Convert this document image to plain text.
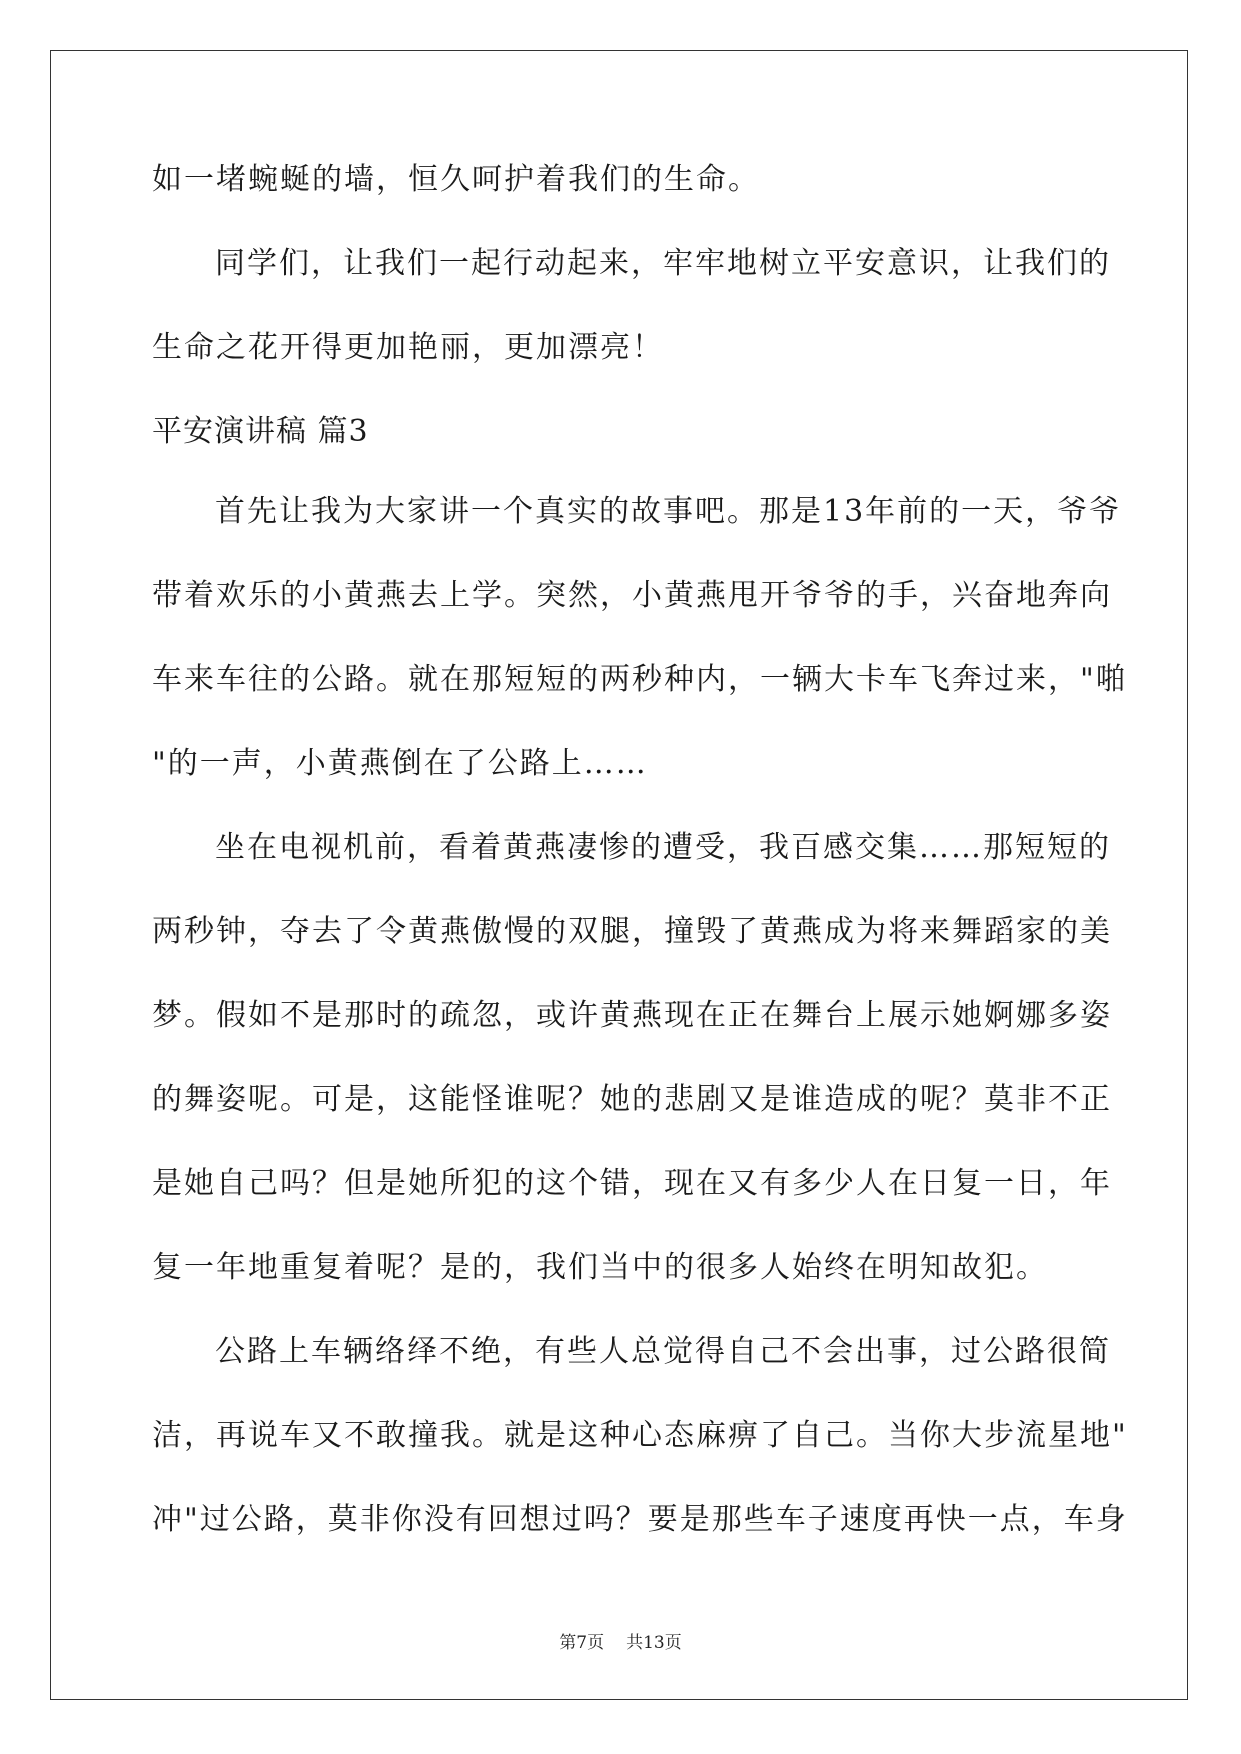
如一堵蜿蜒的墙，恒久呵护着我们的生命。
同学们，让我们一起行动起来，牢牢地树立平安意识，让我们的
生命之花开得更加艳丽，更加漂亮！
平安演讲稿 篇3
首先让我为大家讲一个真实的故事吧。那是13年前的一天，爷爷
带着欢乐的小黄燕去上学。突然，小黄燕甩开爷爷的手，兴奋地奔向
车来车往的公路。就在那短短的两秒种内，一辆大卡车飞奔过来，"啪
"的一声，小黄燕倒在了公路上……
坐在电视机前，看着黄燕凄惨的遭受，我百感交集……那短短的
两秒钟，夺去了令黄燕傲慢的双腿，撞毁了黄燕成为将来舞蹈家的美
梦。假如不是那时的疏忽，或许黄燕现在正在舞台上展示她婀娜多姿
的舞姿呢。可是，这能怪谁呢？她的悲剧又是谁造成的呢？莫非不正
是她自己吗？但是她所犯的这个错，现在又有多少人在日复一日，年
复一年地重复着呢？是的，我们当中的很多人始终在明知故犯。
公路上车辆络绎不绝，有些人总觉得自己不会出事，过公路很简
洁，再说车又不敢撞我。就是这种心态麻痹了自己。当你大步流星地"
冲"过公路，莫非你没有回想过吗？要是那些车子速度再快一点，车身
第7页 共13页
